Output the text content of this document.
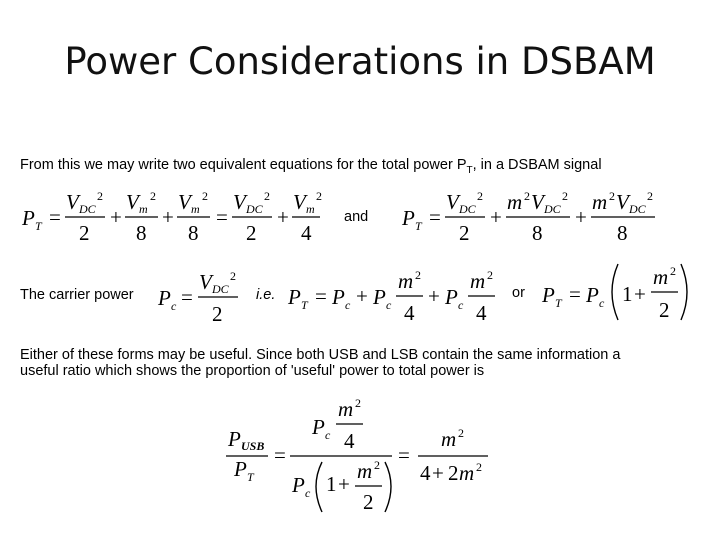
Power Considerations in DSBAM
From this we may write two equivalent equations for the total power $P_T$, in a DSBAM signal
P T =
V DC
2
2
+
V m
2
8
+
V m
2
8
=
V DC
2
2
+
V m
2
4
and P T =
V DC
2
2
+
m 2 V DC
2
8
+
m 2 V DC
2
8
The carrier power P c =
V DC
2
2
i.e. P T = P c + P c
m 2
4
+ P c
m 2
4
or P T = P c 1 +
m 2
2
Either of these forms may be useful. Since both USB and LSB contain the same information a
useful ratio which shows the proportion of 'useful' power to total power is
P USB
P T
=
P c
m 2
4
P c 1 +
m 2
2
=
m 2
4 + 2 m 2
